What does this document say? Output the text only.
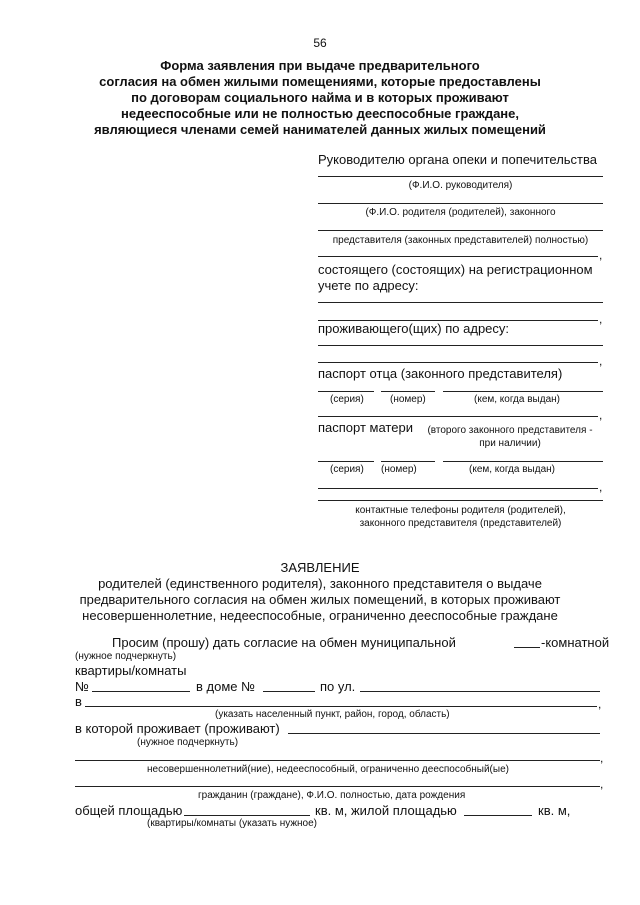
56
Форма заявления при выдаче предварительного
согласия на обмен жилыми помещениями, которые предоставлены
по договорам социального найма и в которых проживают
недееспособные или не полностью дееспособные граждане,
являющиеся членами семей нанимателей данных жилых помещений
Руководителю органа опеки и попечительства
(Ф.И.О. руководителя)
(Ф.И.О. родителя (родителей), законного
представителя (законных представителей) полностью)
,
состоящего (состоящих) на регистрационном
учете по адресу:
,
проживающего(щих) по адресу:
,
паспорт отца (законного представителя)
(серия)	(номер)	(кем, когда выдан)
,
паспорт матери	(второго законного представителя -
при наличии)
(серия) (номер)	(кем, когда выдан)
,
контактные телефоны родителя (родителей),
законного представителя (представителей)
ЗАЯВЛЕНИЕ
родителей (единственного родителя), законного представителя о выдаче
предварительного согласия на обмен жилых помещений, в которых проживают
несовершеннолетние, недееспособные, ограниченно дееспособные граждане
Просим (прошу) дать согласие на обмен муниципальной	-комнатной
(нужное подчеркнуть)
квартиры/комнаты
№	в доме №	по ул.
в	,
(указать населенный пункт, район, город, область)
в которой проживает (проживают)
(нужное подчеркнуть)
,
несовершеннолетний(ние), недееспособный, ограниченно дееспособный(ые)
,
гражданин (граждане), Ф.И.О. полностью, дата рождения
общей площадью	кв. м, жилой площадью	кв. м,
(квартиры/комнаты (указать нужное)
